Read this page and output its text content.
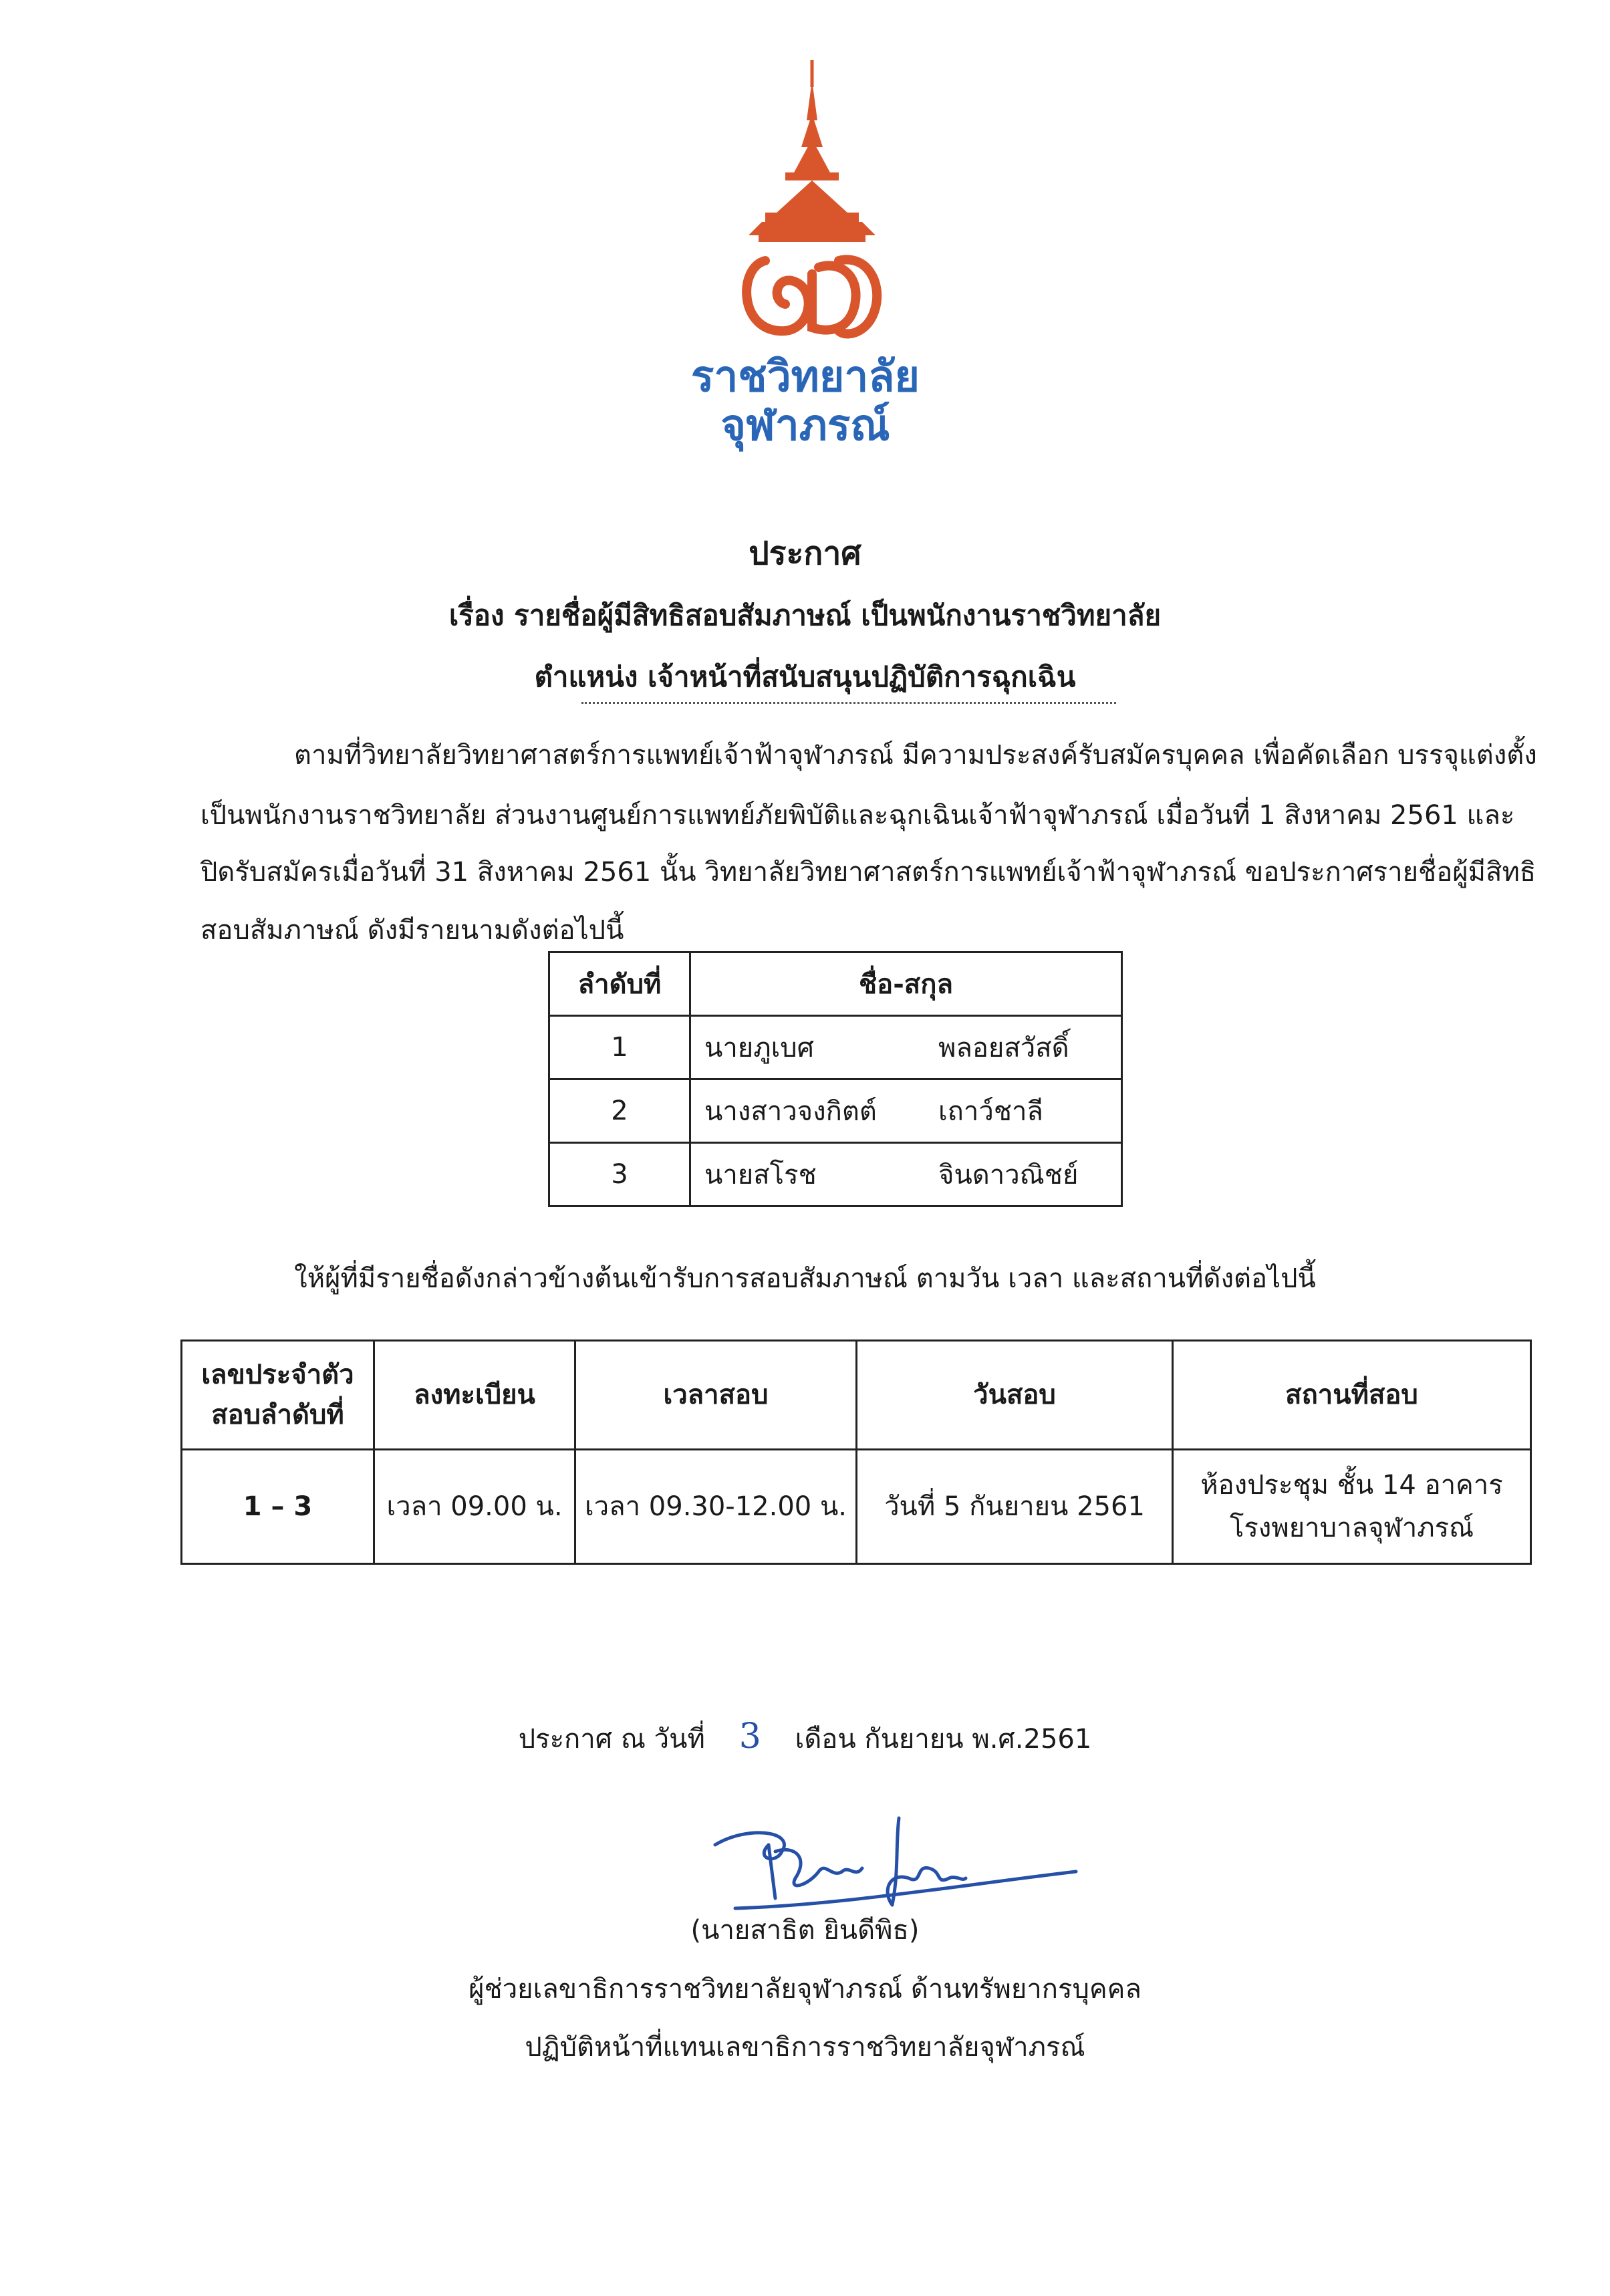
ราชวิทยาลัย
จุฬาภรณ์
ประกาศ
เรื่อง รายชื่อผู้มีสิทธิสอบสัมภาษณ์ เป็นพนักงานราชวิทยาลัย
ตำแหน่ง เจ้าหน้าที่สนับสนุนปฏิบัติการฉุกเฉิน
ตามที่วิทยาลัยวิทยาศาสตร์การแพทย์เจ้าฟ้าจุฬาภรณ์ มีความประสงค์รับสมัครบุคคล เพื่อคัดเลือก บรรจุแต่งตั้ง
เป็นพนักงานราชวิทยาลัย ส่วนงานศูนย์การแพทย์ภัยพิบัติและฉุกเฉินเจ้าฟ้าจุฬาภรณ์ เมื่อวันที่ 1 สิงหาคม 2561 และ
ปิดรับสมัครเมื่อวันที่ 31 สิงหาคม 2561 นั้น วิทยาลัยวิทยาศาสตร์การแพทย์เจ้าฟ้าจุฬาภรณ์ ขอประกาศรายชื่อผู้มีสิทธิ
สอบสัมภาษณ์ ดังมีรายนามดังต่อไปนี้
ลำดับที่	ชื่อ-สกุล
1	นายภูเบศ พลอยสวัสดิ์
2	นางสาวจงกิตต์ เถาว์ชาลี
3	นายสโรช จินดาวณิชย์
ให้ผู้ที่มีรายชื่อดังกล่าวข้างต้นเข้ารับการสอบสัมภาษณ์ ตามวัน เวลา และสถานที่ดังต่อไปนี้
เลขประจำตัว
สอบลำดับที่	ลงทะเบียน	เวลาสอบ	วันสอบ	สถานที่สอบ
1 – 3	เวลา 09.00 น.	เวลา 09.30-12.00 น.	วันที่ 5 กันยายน 2561	ห้องประชุม ชั้น 14 อาคาร
โรงพยาบาลจุฬาภรณ์
ประกาศ ณ วันที่ 3 เดือน กันยายน พ.ศ.2561
(นายสาธิต ยินดีพิธ)
ผู้ช่วยเลขาธิการราชวิทยาลัยจุฬาภรณ์ ด้านทรัพยากรบุคคล
ปฏิบัติหน้าที่แทนเลขาธิการราชวิทยาลัยจุฬาภรณ์
